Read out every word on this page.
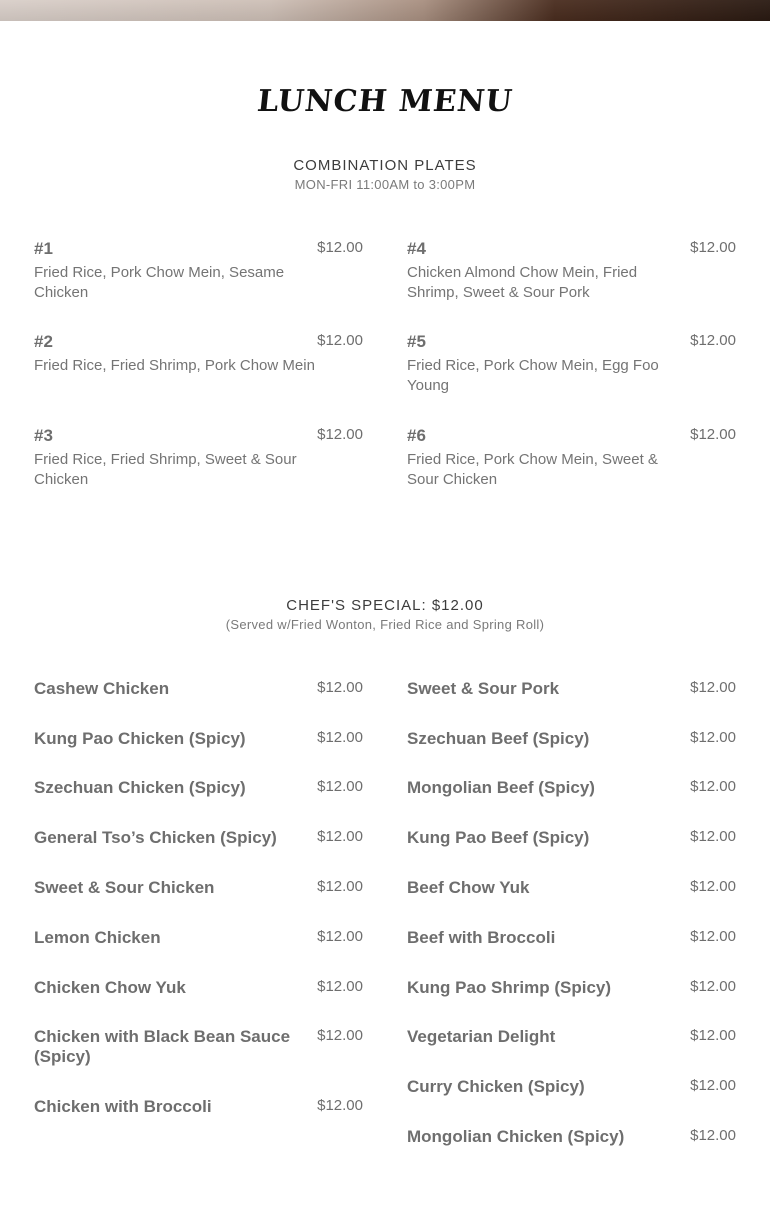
LUNCH MENU
COMBINATION PLATES
MON-FRI 11:00AM to 3:00PM
#1	$12.00
Fried Rice, Pork Chow Mein, Sesame Chicken
#2	$12.00
Fried Rice, Fried Shrimp, Pork Chow Mein
#3	$12.00
Fried Rice, Fried Shrimp, Sweet & Sour Chicken
#4	$12.00
Chicken Almond Chow Mein, Fried Shrimp, Sweet & Sour Pork
#5	$12.00
Fried Rice, Pork Chow Mein, Egg Foo Young
#6	$12.00
Fried Rice, Pork Chow Mein, Sweet & Sour Chicken
CHEF'S SPECIAL: $12.00
(Served w/Fried Wonton, Fried Rice and Spring Roll)
Cashew Chicken	$12.00
Kung Pao Chicken (Spicy)	$12.00
Szechuan Chicken (Spicy)	$12.00
General Tso’s Chicken (Spicy)	$12.00
Sweet & Sour Chicken	$12.00
Lemon Chicken	$12.00
Chicken Chow Yuk	$12.00
Chicken with Black Bean Sauce (Spicy)
$12.00
Chicken with Broccoli	$12.00
Sweet & Sour Pork	$12.00
Szechuan Beef (Spicy)	$12.00
Mongolian Beef (Spicy)	$12.00
Kung Pao Beef (Spicy)	$12.00
Beef Chow Yuk	$12.00
Beef with Broccoli	$12.00
Kung Pao Shrimp (Spicy)	$12.00
Vegetarian Delight	$12.00
Curry Chicken (Spicy)	$12.00
Mongolian Chicken (Spicy)	$12.00
